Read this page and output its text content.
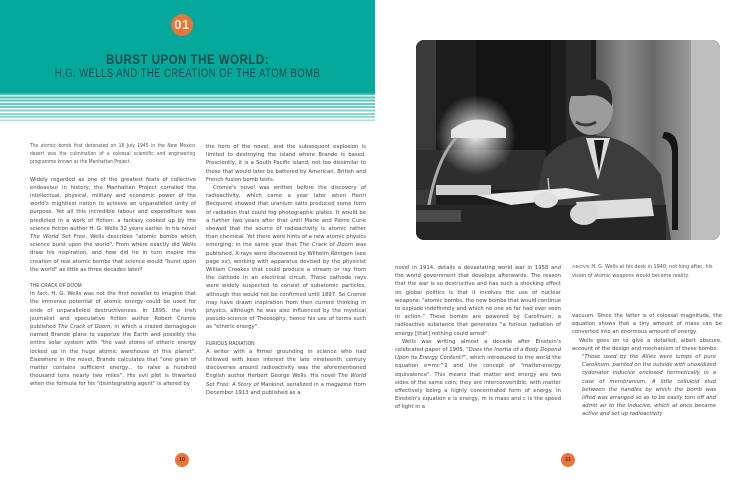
01
BURST UPON THE WORLD:
H.G. WELLS AND THE CREATION OF THE ATOM BOMB

The atomic bomb that detonated on 16 July 1945 in the New Mexico desert was the culmination of a colossal scientific and engineering programme known as the Manhattan Project.

Widely regarded as one of the greatest feats of collective endeavour in history, the Manhattan Project corralled the intellectual, physical, military and economic power of the world's mightiest nation to achieve an unparalleled unity of purpose. Yet all this incredible labour and expenditure was predicted in a work of fiction: a fantasy cooked up by the science fiction author H. G. Wells 32 years earlier. In his novel The World Set Free, Wells describes "atomic bombs which science burst upon the world". From where exactly did Wells draw his inspiration, and how did he in turn inspire the creation of real atomic bombs that science would "burst upon the world" as little as three decades later?

THE CRACK OF DOOM

In fact, H. G. Wells was not the first novelist to imagine that the immense potential of atomic energy could be used for ends of unparalleled destructiveness. In 1895, the Irish journalist and speculative fiction author Robert Cromie published The Crack of Doom, in which a crazed demagogue named Brande plans to vaporize the Earth and possibly the entire solar system with "the vast stores of etheric energy locked up in the huge atomic warehouse of this planet". Elsewhere in the novel, Brande calculates that "one grain of matter contains sufficient energy... to raise a hundred thousand tons nearly two miles". His evil plot is thwarted when the formula for his "disintegrating agent" is altered by

the hero of the novel, and the subsequent explosion is limited to destroying the island where Brande is based. Presciently, it is a South Pacific island, not too dissimilar to those that would later be battered by American, British and French fusion bomb tests.

Cromie's novel was written before the discovery of radioactivity, which came a year later when Henri Becquerel showed that uranium salts produced some form of radiation that could fog photographic plates. It would be a further two years after that until Marie and Pierre Curie showed that the source of radioactivity is atomic rather than chemical. Yet there were hints of a new atomic physics emerging; in the same year that The Crack of Doom was published, X-rays were discovered by Wilhelm Röntgen (see page xx), working with apparatus devised by the physicist William Crookes that could produce a stream or ray from the cathode in an electrical circuit. These cathode rays were widely suspected to consist of subatomic particles, although this would not be confirmed until 1897. So Cromie may have drawn inspiration from then current thinking in physics, although he was also influenced by the mystical pseudo-science of Theosophy, hence his use of terms such as "etheric energy".

FURIOUS RADIATION

A writer with a firmer grounding in science who had followed with keen interest the late nineteenth century discoveries around radioactivity was the aforementioned English author Herbert George Wells. His novel The World Set Free: A Story of Mankind, serialized in a magazine from December 1913 and published as a

10
ABOVE H. G. Wells at his desk in 1940; not long after, his vision of atomic weapons would become reality.

novel in 1914, details a devastating world war in 1958 and the world government that develops afterwards. The reason that the war is so destructive and has such a shocking effect on global politics is that it involves the use of nuclear weapons: "atomic bombs, the new bombs that would continue to explode indefinitely and which no one so far had ever seen in action." These bombs are powered by Carolinum, a radioactive substance that generates "a furious radiation of energy [that] nothing could arrest".

Wells was writing almost a decade after Einstein's celebrated paper of 1905, "Does the Inertia of a Body Depend Upon Its Energy Content?", which introduced to the world the equation e=mc^2 and the concept of "matter-energy equivalence". This means that matter and energy are two sides of the same coin; they are interconvertible, with matter effectively being a highly concentrated form of energy. In Einstein's equation e is energy, m is mass and c is the speed of light in a

vacuum. Since the latter is of colossal magnitude, the equation shows that a tiny amount of mass can be converted into an enormous amount of energy.

Wells goes on to give a detailed, albeit obscure, account of the design and mechanism of these bombs:

"Those used by the Allies were lumps of pure Carolinum, painted on the outside with unoxidized cydonator inducive enclosed hermetically in a case of membranium. A little celluloid stud between the handles by which the bomb was lifted was arranged so as to be easily torn off and admit air to the inducive, which at once became active and set up radioactivity

11
